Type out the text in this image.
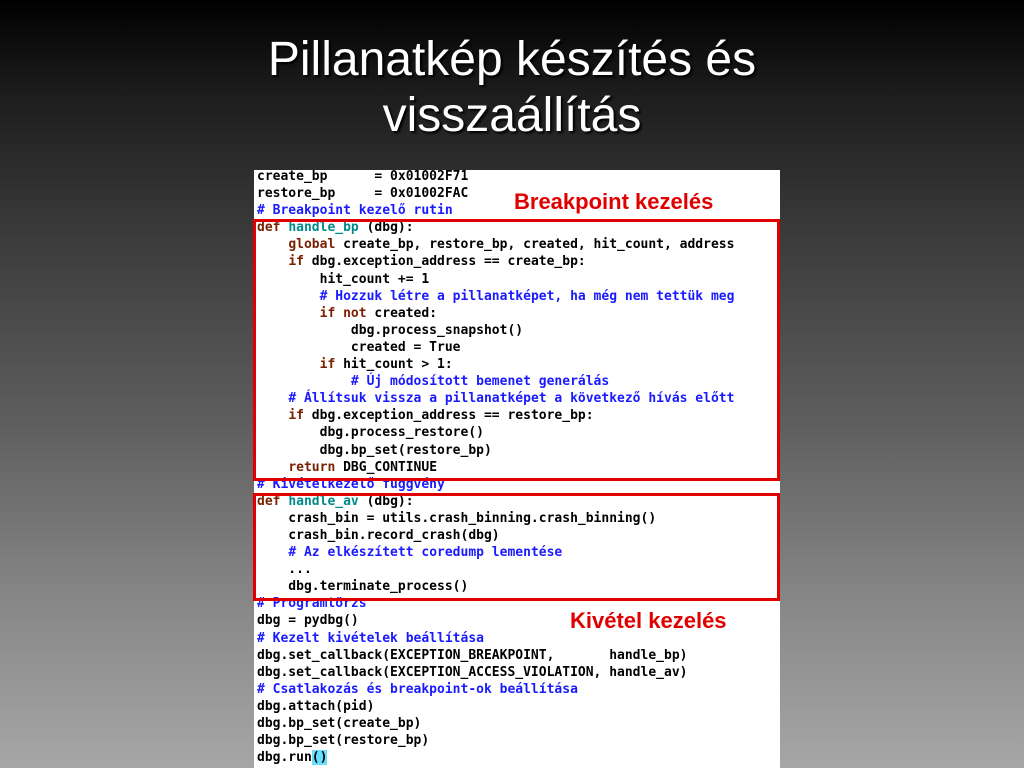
Pillanatkép készítés és
visszaállítás
create_bp      = 0x01002F71
restore_bp     = 0x01002FAC
# Breakpoint kezelő rutin
def handle_bp (dbg):
global create_bp, restore_bp, created, hit_count, address
if dbg.exception_address == create_bp:
hit_count += 1
# Hozzuk létre a pillanatképet, ha még nem tettük meg
if not created:
dbg.process_snapshot()
created = True
if hit_count > 1:
# Új módosított bemenet generálás
# Állítsuk vissza a pillanatképet a következő hívás előtt
if dbg.exception_address == restore_bp:
dbg.process_restore()
dbg.bp_set(restore_bp)
return DBG_CONTINUE
# Kivételkezelő függvény
def handle_av (dbg):
crash_bin = utils.crash_binning.crash_binning()
crash_bin.record_crash(dbg)
# Az elkészített coredump lementése
...
dbg.terminate_process()
# Programtörzs
dbg = pydbg()
# Kezelt kivételek beállítása
dbg.set_callback(EXCEPTION_BREAKPOINT,       handle_bp)
dbg.set_callback(EXCEPTION_ACCESS_VIOLATION, handle_av)
# Csatlakozás és breakpoint-ok beállítása
dbg.attach(pid)
dbg.bp_set(create_bp)
dbg.bp_set(restore_bp)
dbg.run()
Breakpoint kezelés
Kivétel kezelés
